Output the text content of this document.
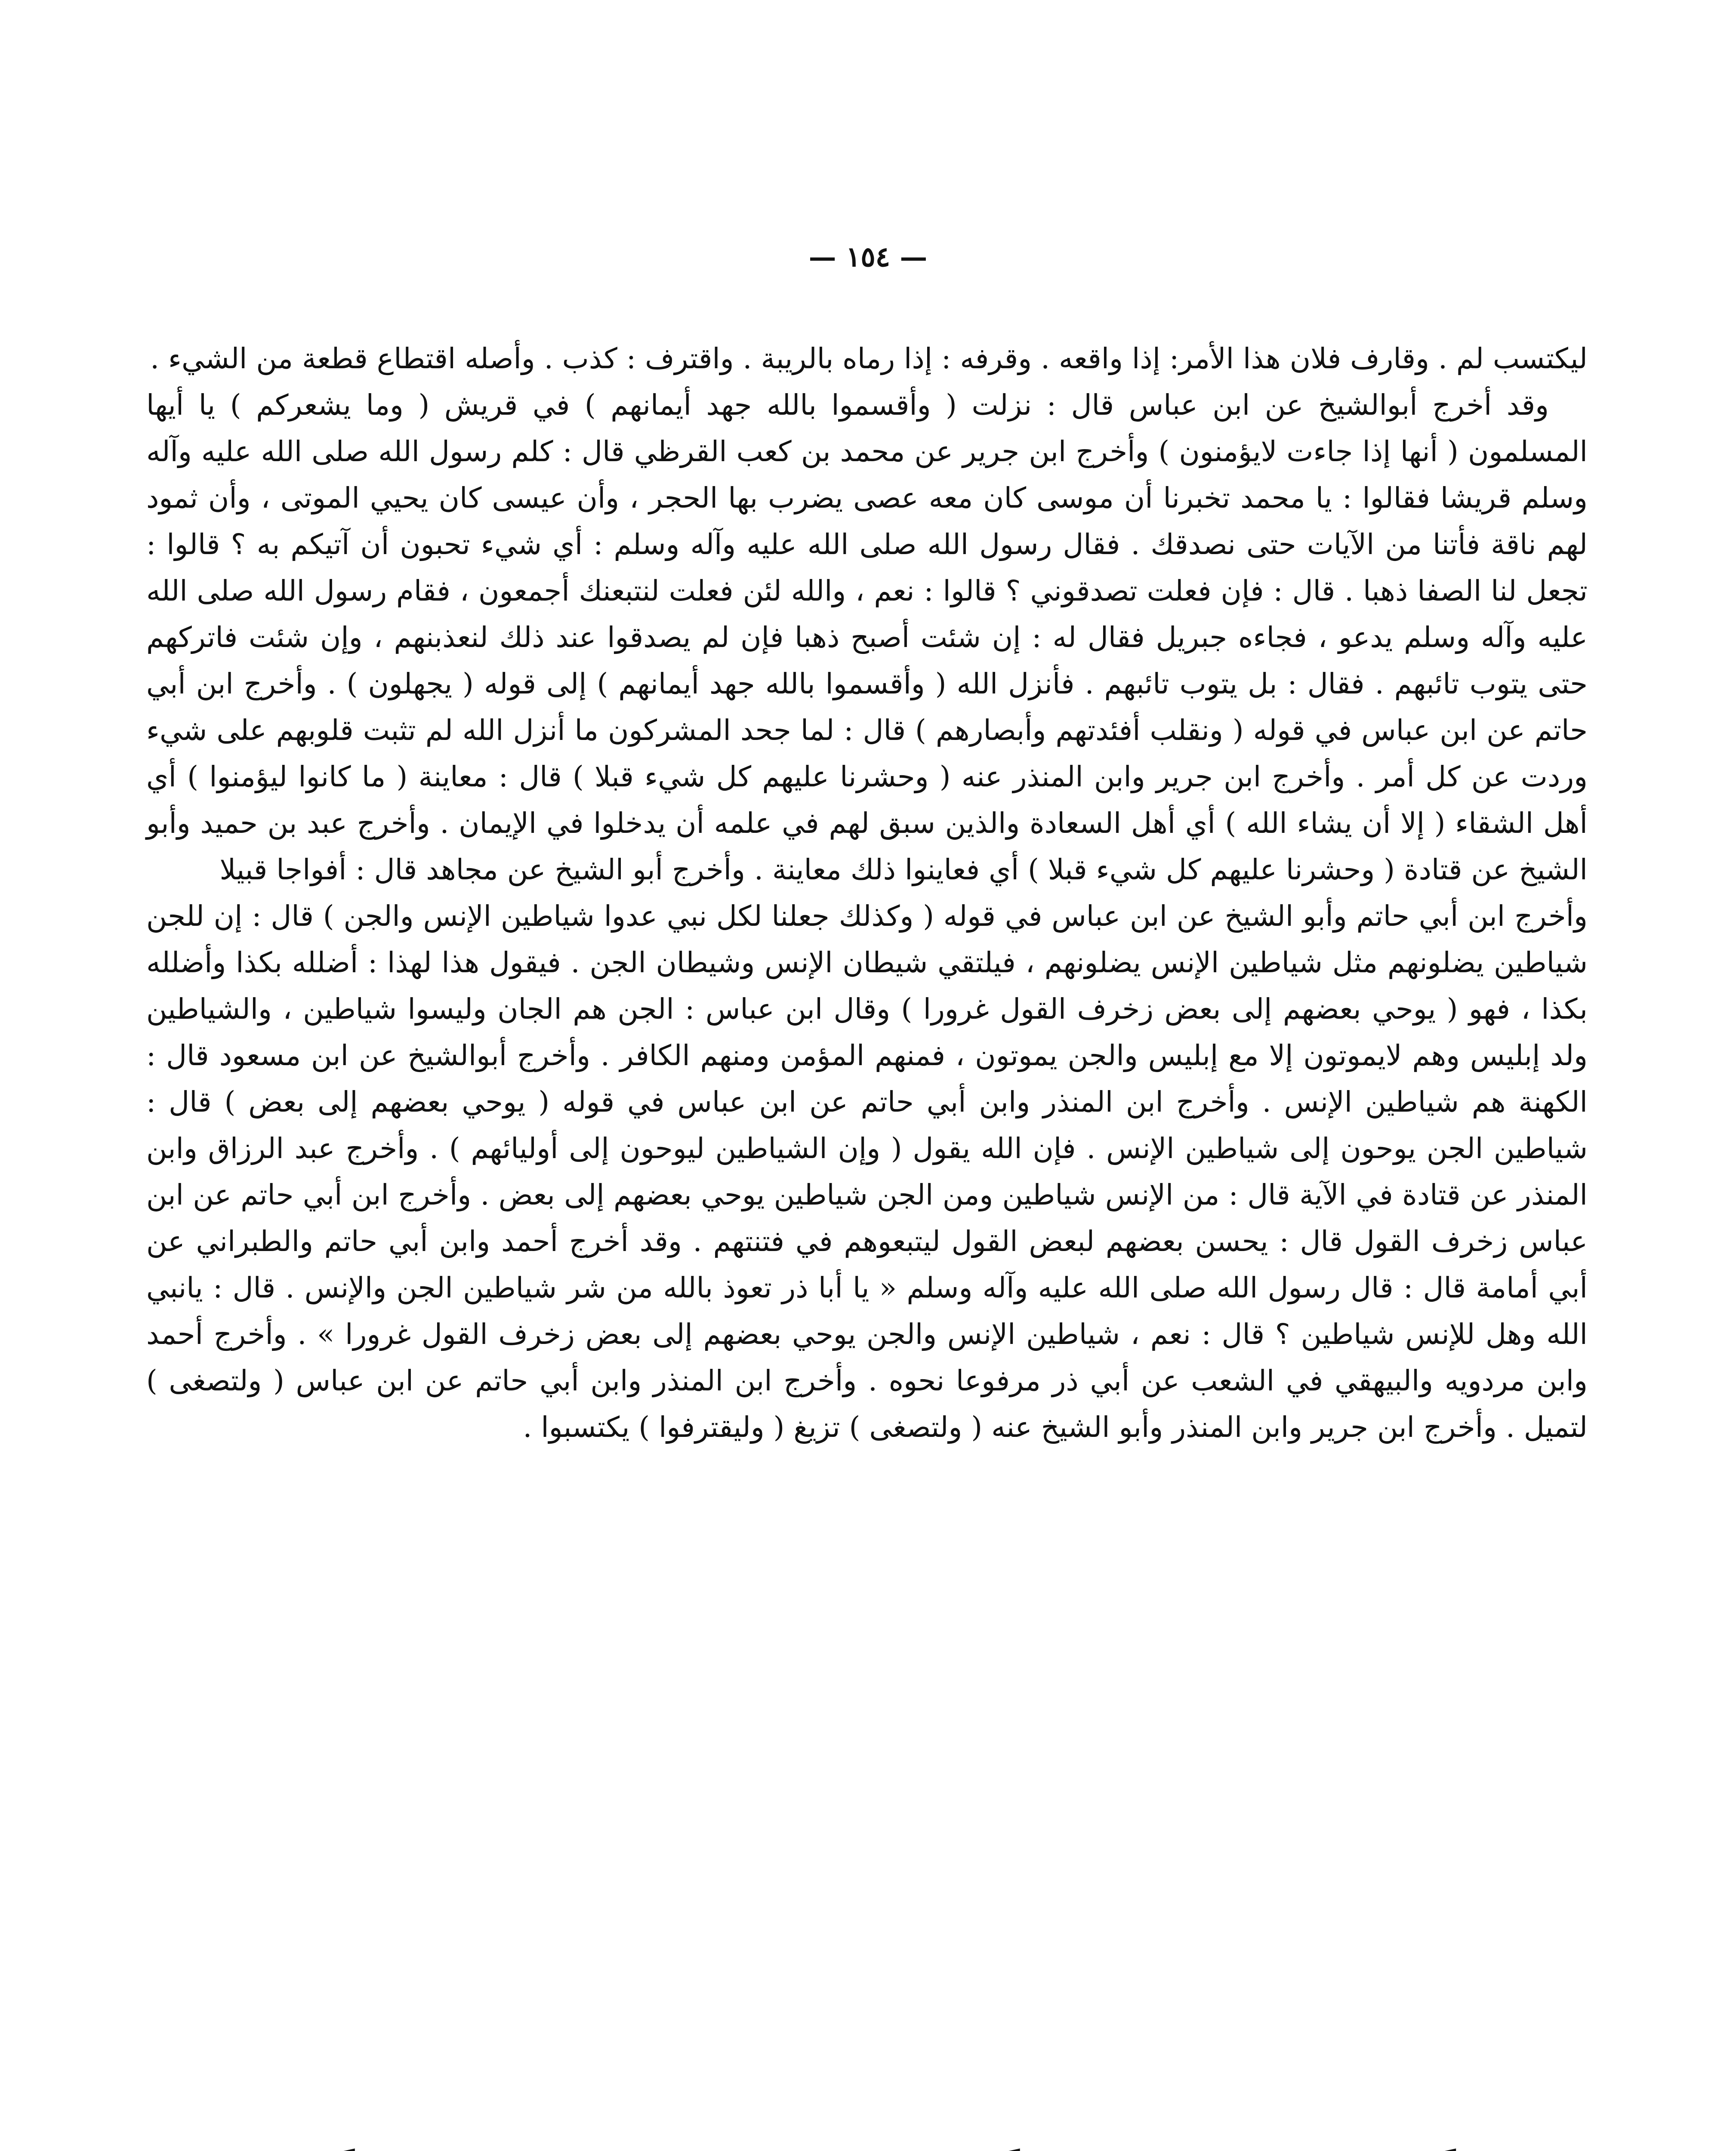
— ١٥٤ —

ليكتسب لم . وقارف فلان هذا الأمر: إذا واقعه . وقرفه : إذا رماه بالريبة . واقترف : كذب . وأصله اقتطاع قطعة من الشيء .

وقد أخرج أبوالشيخ عن ابن عباس قال : نزلت ( وأقسموا بالله جهد أيمانهم ) في قريش ( وما يشعركم ) يا أيها المسلمون ( أنها إذا جاءت لايؤمنون ) وأخرج ابن جرير عن محمد بن كعب القرظي قال : كلم رسول الله صلى الله عليه وآله وسلم قريشا فقالوا : يا محمد تخبرنا أن موسى كان معه عصى يضرب بها الحجر ، وأن عيسى كان يحيي الموتى ، وأن ثمود لهم ناقة فأتنا من الآيات حتى نصدقك . فقال رسول الله صلى الله عليه وآله وسلم : أي شيء تحبون أن آتيكم به ؟ قالوا : تجعل لنا الصفا ذهبا . قال : فإن فعلت تصدقوني ؟ قالوا : نعم ، والله لئن فعلت لنتبعنك أجمعون ، فقام رسول الله صلى الله عليه وآله وسلم يدعو ، فجاءه جبريل فقال له : إن شئت أصبح ذهبا فإن لم يصدقوا عند ذلك لنعذبنهم ، وإن شئت فاتركهم حتى يتوب تائبهم . فقال : بل يتوب تائبهم . فأنزل الله ( وأقسموا بالله جهد أيمانهم ) إلى قوله ( يجهلون ) . وأخرج ابن أبي حاتم عن ابن عباس في قوله ( ونقلب أفئدتهم وأبصارهم ) قال : لما جحد المشركون ما أنزل الله لم تثبت قلوبهم على شيء وردت عن كل أمر . وأخرج ابن جرير وابن المنذر عنه ( وحشرنا عليهم كل شيء قبلا ) قال : معاينة ( ما كانوا ليؤمنوا ) أي أهل الشقاء ( إلا أن يشاء الله ) أي أهل السعادة والذين سبق لهم في علمه أن يدخلوا في الإيمان . وأخرج عبد بن حميد وأبو الشيخ عن قتادة ( وحشرنا عليهم كل شيء قبلا ) أي فعاينوا ذلك معاينة . وأخرج أبو الشيخ عن مجاهد قال : أفواجا قبيلا

وأخرج ابن أبي حاتم وأبو الشيخ عن ابن عباس في قوله ( وكذلك جعلنا لكل نبي عدوا شياطين الإنس والجن ) قال : إن للجن شياطين يضلونهم مثل شياطين الإنس يضلونهم ، فيلتقي شيطان الإنس وشيطان الجن . فيقول هذا لهذا : أضلله بكذا وأضلله بكذا ، فهو ( يوحي بعضهم إلى بعض زخرف القول غرورا ) وقال ابن عباس : الجن هم الجان وليسوا شياطين ، والشياطين ولد إبليس وهم لايموتون إلا مع إبليس والجن يموتون ، فمنهم المؤمن ومنهم الكافر . وأخرج أبوالشيخ عن ابن مسعود قال : الكهنة هم شياطين الإنس . وأخرج ابن المنذر وابن أبي حاتم عن ابن عباس في قوله ( يوحي بعضهم إلى بعض ) قال : شياطين الجن يوحون إلى شياطين الإنس . فإن الله يقول ( وإن الشياطين ليوحون إلى أوليائهم ) . وأخرج عبد الرزاق وابن المنذر عن قتادة في الآية قال : من الإنس شياطين ومن الجن شياطين يوحي بعضهم إلى بعض . وأخرج ابن أبي حاتم عن ابن عباس زخرف القول قال : يحسن بعضهم لبعض القول ليتبعوهم في فتنتهم . وقد أخرج أحمد وابن أبي حاتم والطبراني عن أبي أمامة قال : قال رسول الله صلى الله عليه وآله وسلم « يا أبا ذر تعوذ بالله من شر شياطين الجن والإنس . قال : يانبي الله وهل للإنس شياطين ؟ قال : نعم ، شياطين الإنس والجن يوحي بعضهم إلى بعض زخرف القول غرورا » . وأخرج أحمد وابن مردويه والبيهقي في الشعب عن أبي ذر مرفوعا نحوه . وأخرج ابن المنذر وابن أبي حاتم عن ابن عباس ( ولتصغى ) لتميل . وأخرج ابن جرير وابن المنذر وأبو الشيخ عنه ( ولتصغى ) تزيغ ( وليقترفوا ) يكتسبوا .
